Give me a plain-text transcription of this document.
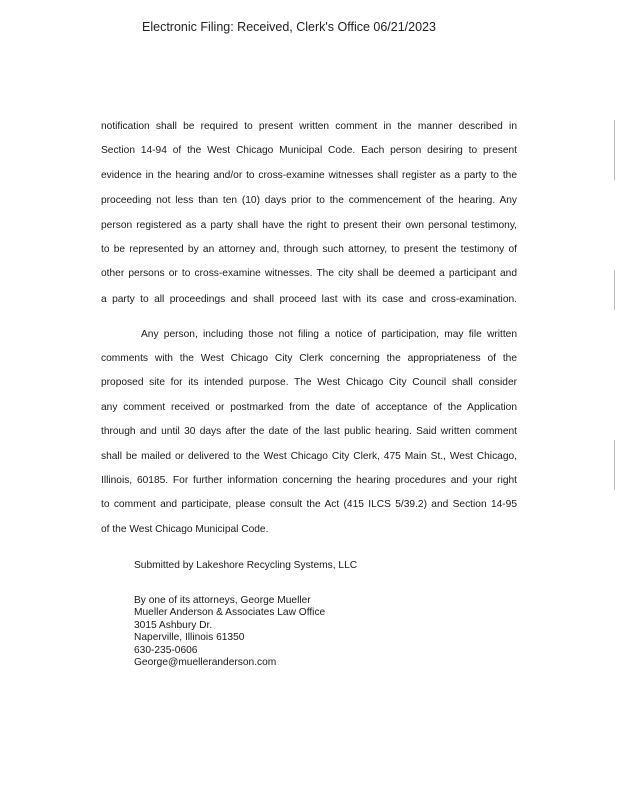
Electronic Filing: Received, Clerk's Office 06/21/2023
notification shall be required to present written comment in the manner described in
Section 14-94 of the West Chicago Municipal Code. Each person desiring to present
evidence in the hearing and/or to cross-examine witnesses shall register as a party to the
proceeding not less than ten (10) days prior to the commencement of the hearing. Any
person registered as a party shall have the right to present their own personal testimony,
to be represented by an attorney and, through such attorney, to present the testimony of
other persons or to cross-examine witnesses. The city shall be deemed a participant and
a party to all proceedings and shall proceed last with its case and cross-examination.
Any person, including those not filing a notice of participation, may file written
comments with the West Chicago City Clerk concerning the appropriateness of the
proposed site for its intended purpose. The West Chicago City Council shall consider
any comment received or postmarked from the date of acceptance of the Application
through and until 30 days after the date of the last public hearing. Said written comment
shall be mailed or delivered to the West Chicago City Clerk, 475 Main St., West Chicago,
Illinois, 60185. For further information concerning the hearing procedures and your right
to comment and participate, please consult the Act (415 ILCS 5/39.2) and Section 14-95
of the West Chicago Municipal Code.
Submitted by Lakeshore Recycling Systems, LLC
By one of its attorneys, George Mueller
Mueller Anderson & Associates Law Office
3015 Ashbury Dr.
Naperville, Illinois 61350
630-235-0606
George@muelleranderson.com
